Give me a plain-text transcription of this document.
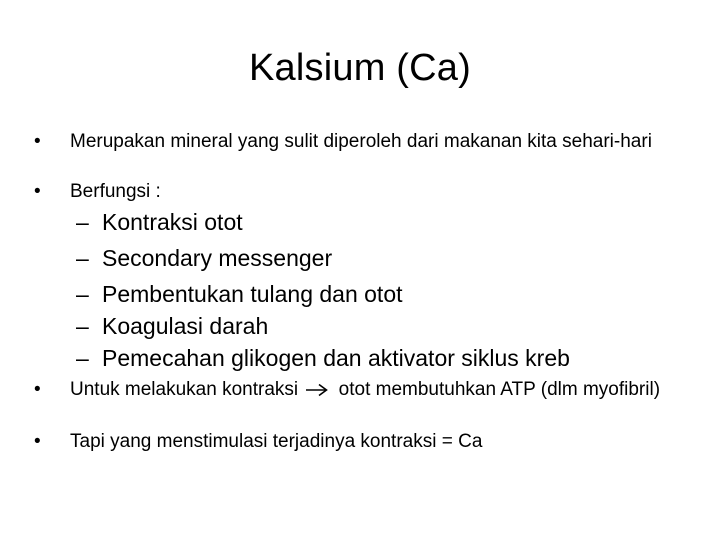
Kalsium (Ca)
•	Merupakan mineral yang sulit diperoleh dari makanan kita sehari-hari
•	Berfungsi :
– Kontraksi otot
– Secondary messenger
– Pembentukan tulang dan otot
– Koagulasi darah
– Pemecahan glikogen dan aktivator siklus kreb
•	Untuk melakukan kontraksi otot membutuhkan ATP (dlm myofibril)
•	Tapi yang menstimulasi terjadinya kontraksi = Ca
